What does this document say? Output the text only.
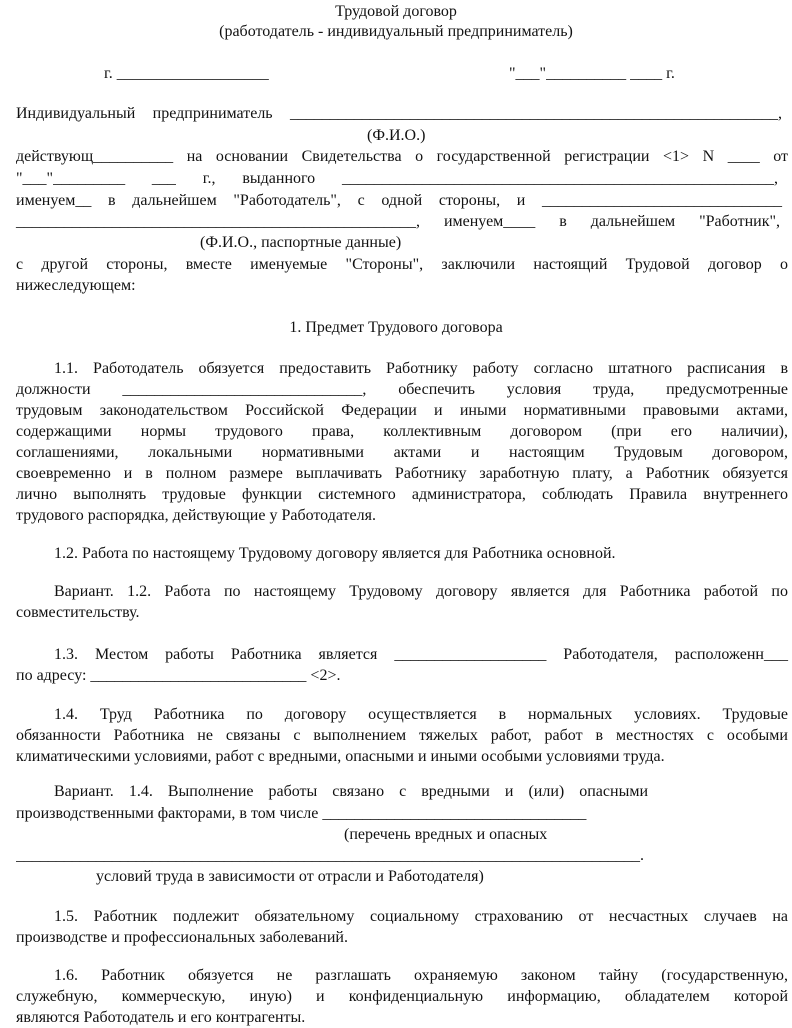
Трудовой договор
(работодатель - индивидуальный предприниматель)
г. ___________________	"___"__________ ____ г.
Индивидуальный предприниматель _____________________________________________________________,
(Ф.И.О.)
действующ__________ на основании Свидетельства о государственной регистрации <1> N ____ от
"___"_________ ___ г., выданного ______________________________________________________,
именуем__ в дальнейшем "Работодатель", с одной стороны, и ______________________________
__________________________________________________, именуем____ в дальнейшем "Работник",
(Ф.И.О., паспортные данные)
с другой стороны, вместе именуемые "Стороны", заключили настоящий Трудовой договор о
нижеследующем:
1. Предмет Трудового договора
1.1. Работодатель обязуется предоставить Работнику работу согласно штатного расписания в
должности ______________________________, обеспечить условия труда, предусмотренные
трудовым законодательством Российской Федерации и иными нормативными правовыми актами,
содержащими нормы трудового права, коллективным договором (при его наличии),
соглашениями, локальными нормативными актами и настоящим Трудовым договором,
своевременно и в полном размере выплачивать Работнику заработную плату, а Работник обязуется
лично выполнять трудовые функции системного администратора, соблюдать Правила внутреннего
трудового распорядка, действующие у Работодателя.
1.2. Работа по настоящему Трудовому договору является для Работника основной.
Вариант. 1.2. Работа по настоящему Трудовому договору является для Работника работой по
совместительству.
1.3. Местом работы Работника является ___________________ Работодателя, расположенн___
по адресу: ___________________________ <2>.
1.4. Труд Работника по договору осуществляется в нормальных условиях. Трудовые
обязанности Работника не связаны с выполнением тяжелых работ, работ в местностях с особыми
климатическими условиями, работ с вредными, опасными и иными особыми условиями труда.
Вариант. 1.4. Выполнение работы связано с вредными и (или) опасными
производственными факторами, в том числе _________________________________
(перечень вредных и опасных
______________________________________________________________________________.
условий труда в зависимости от отрасли и Работодателя)
1.5. Работник подлежит обязательному социальному страхованию от несчастных случаев на
производстве и профессиональных заболеваний.
1.6. Работник обязуется не разглашать охраняемую законом тайну (государственную,
служебную, коммерческую, иную) и конфиденциальную информацию, обладателем которой
являются Работодатель и его контрагенты.
